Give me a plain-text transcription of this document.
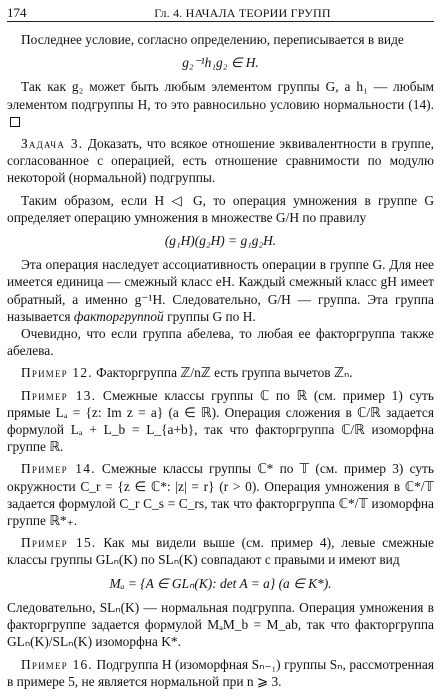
174	Гл. 4. НАЧАЛА ТЕОРИИ ГРУПП

Последнее условие, согласно определению, переписывается в виде

g₂⁻¹h₁g₂ ∈ H.

Так как g₂ может быть любым элементом группы G, а h₁ — любым элементом подгруппы H, то это равносильно условию нормальности (14).

Задача 3. Доказать, что всякое отношение эквивалентности в группе, согласованное с операцией, есть отношение сравнимости по модулю некоторой (нормальной) подгруппы.

Таким образом, если H ◁ G, то операция умножения в группе G определяет операцию умножения в множестве G/H по правилу

(g₁H)(g₂H) = g₁g₂H.

Эта операция наследует ассоциативность операции в группе G. Для нее имеется единица — смежный класс eH. Каждый смежный класс gH имеет обратный, а именно g⁻¹H. Следовательно, G/H — группа. Эта группа называется факторгруппой группы G по H.

Очевидно, что если группа абелева, то любая ее факторгруппа также абелева.

Пример 12. Факторгруппа ℤ/nℤ есть группа вычетов ℤₙ.

Пример 13. Смежные классы группы ℂ по ℝ (см. пример 1) суть прямые Lₐ = {z: Im z = a} (a ∈ ℝ). Операция сложения в ℂ/ℝ задается формулой Lₐ + L_b = L_{a+b}, так что факторгруппа ℂ/ℝ изоморфна группе ℝ.

Пример 14. Смежные классы группы ℂ* по 𝕋 (см. пример 3) суть окружности C_r = {z ∈ ℂ*: |z| = r} (r > 0). Операция умножения в ℂ*/𝕋 задается формулой C_r C_s = C_rs, так что факторгруппа ℂ*/𝕋 изоморфна группе ℝ*₊.

Пример 15. Как мы видели выше (см. пример 4), левые смежные классы группы GLₙ(K) по SLₙ(K) совпадают с правыми и имеют вид

Mₐ = {A ∈ GLₙ(K): det A = a} (a ∈ K*).

Следовательно, SLₙ(K) — нормальная подгруппа. Операция умножения в факторгруппе задается формулой MₐM_b = M_ab, так что факторгруппа GLₙ(K)/SLₙ(K) изоморфна K*.

Пример 16. Подгруппа H (изоморфная Sₙ₋₁) группы Sₙ, рассмотренная в примере 5, не является нормальной при n ⩾ 3.
